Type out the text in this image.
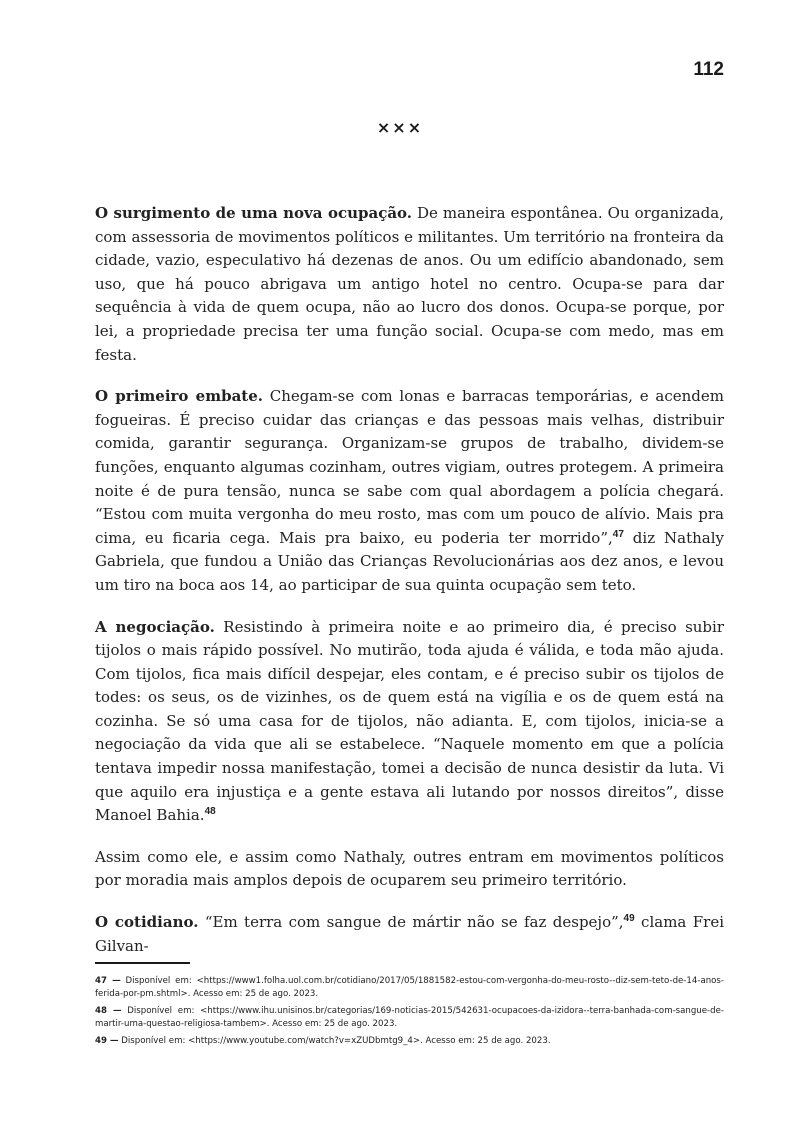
112
×××

O surgimento de uma nova ocupação. De maneira espontânea. Ou organizada, com assessoria de movimentos políticos e militantes. Um território na fronteira da cidade, vazio, especulativo há dezenas de anos. Ou um edifício abandonado, sem uso, que há pouco abrigava um antigo hotel no centro. Ocupa-se para dar sequência à vida de quem ocupa, não ao lucro dos donos. Ocupa-se porque, por lei, a propriedade precisa ter uma função social. Ocupa-se com medo, mas em festa.

O primeiro embate. Chegam-se com lonas e barracas temporárias, e acendem fogueiras. É preciso cuidar das crianças e das pessoas mais velhas, distribuir comida, garantir segurança. Organizam-se grupos de trabalho, dividem-se funções, enquanto algumas cozinham, outres vigiam, outres protegem. A primeira noite é de pura tensão, nunca se sabe com qual abordagem a polícia chegará. “Estou com muita vergonha do meu rosto, mas com um pouco de alívio. Mais pra cima, eu ficaria cega. Mais pra baixo, eu poderia ter morrido”,$^{47}$ diz Nathaly Gabriela, que fundou a União das Crianças Revolucionárias aos dez anos, e levou um tiro na boca aos 14, ao participar de sua quinta ocupação sem teto.

A negociação. Resistindo à primeira noite e ao primeiro dia, é preciso subir tijolos o mais rápido possível. No mutirão, toda ajuda é válida, e toda mão ajuda. Com tijolos, fica mais difícil despejar, eles contam, e é preciso subir os tijolos de todes: os seus, os de vizinhes, os de quem está na vigília e os de quem está na cozinha. Se só uma casa for de tijolos, não adianta. E, com tijolos, inicia-se a negociação da vida que ali se estabelece. “Naquele momento em que a polícia tentava impedir nossa manifestação, tomei a decisão de nunca desistir da luta. Vi que aquilo era injustiça e a gente estava ali lutando por nossos direitos”, disse Manoel Bahia.$^{48}$

Assim como ele, e assim como Nathaly, outres entram em movimentos políticos por moradia mais amplos depois de ocuparem seu primeiro território.

O cotidiano. “Em terra com sangue de mártir não se faz despejo”,$^{49}$ clama Frei Gilvan-

47 — Disponível em: <https://www1.folha.uol.com.br/cotidiano/2017/05/1881582-estou-com-vergonha-do-meu-rosto--diz-sem-teto-de-14-anos-ferida-por-pm.shtml>. Acesso em: 25 de ago. 2023.

48 — Disponível em: <https://www.ihu.unisinos.br/categorias/169-noticias-2015/542631-ocupacoes-da-izidora--terra-banhada-com-sangue-de-martir-uma-questao-religiosa-tambem>. Acesso em: 25 de ago. 2023.

49 — Disponível em: <https://www.youtube.com/watch?v=xZUDbmtg9_4>. Acesso em: 25 de ago. 2023.
